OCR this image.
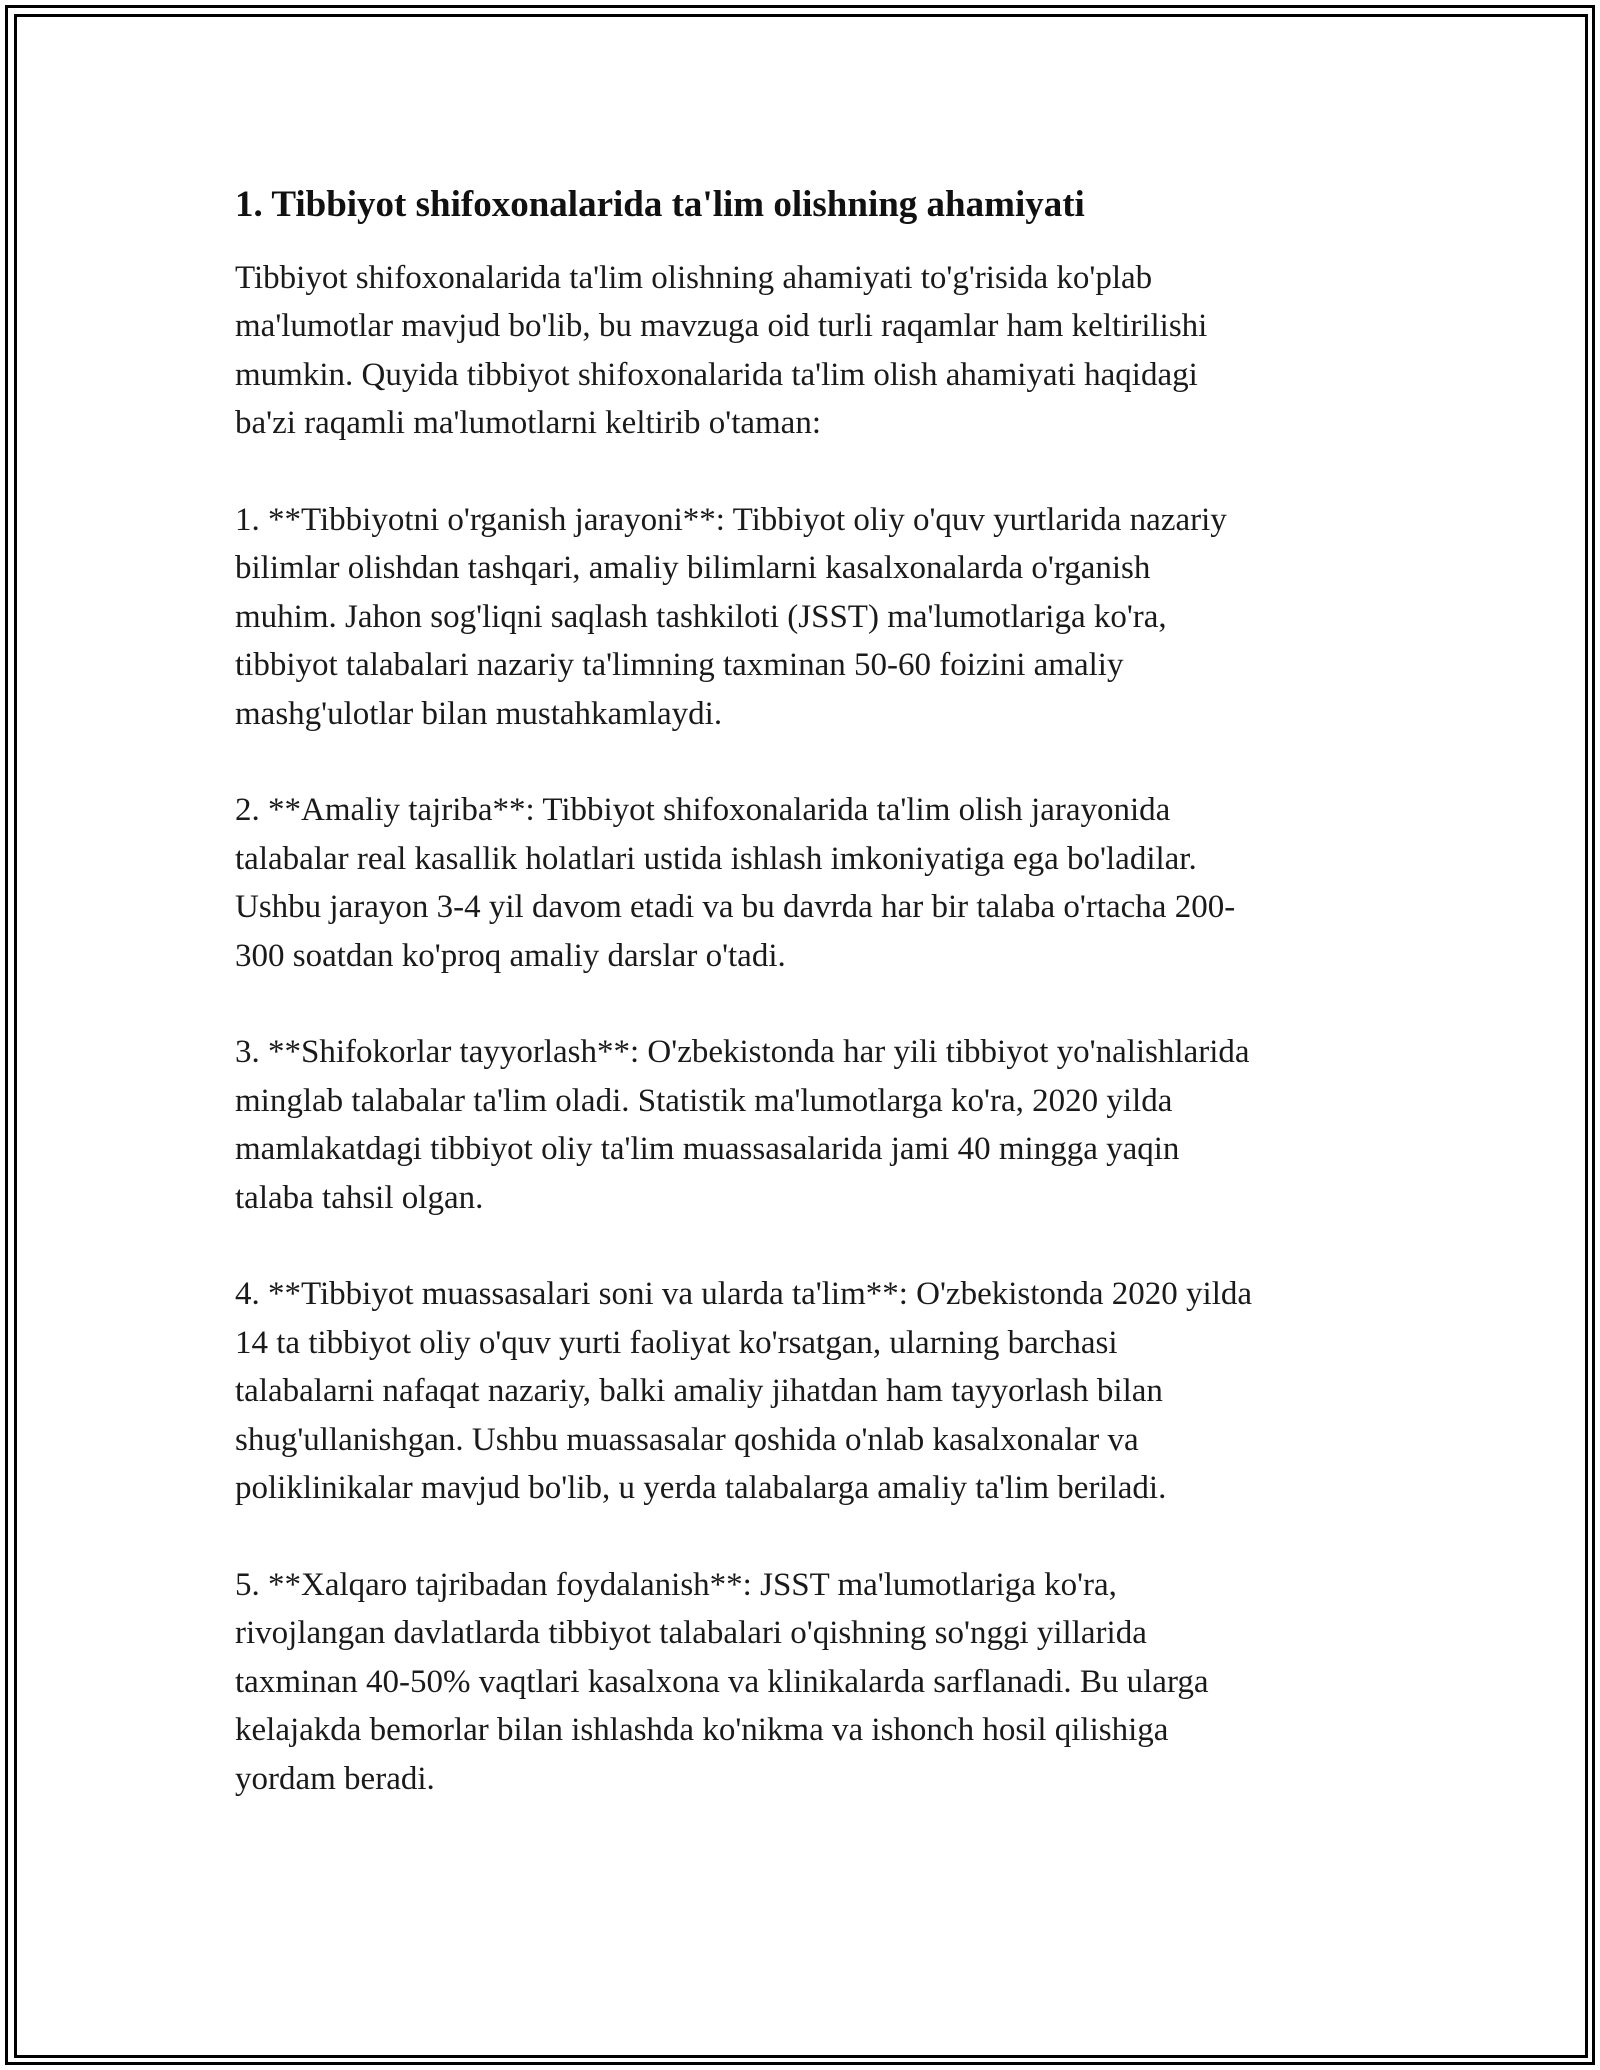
1. Tibbiyot shifoxonalarida ta'lim olishning ahamiyati
Tibbiyot shifoxonalarida ta'lim olishning ahamiyati to'g'risida ko'plab
ma'lumotlar mavjud bo'lib, bu mavzuga oid turli raqamlar ham keltirilishi
mumkin. Quyida tibbiyot shifoxonalarida ta'lim olish ahamiyati haqidagi
ba'zi raqamli ma'lumotlarni keltirib o'taman:
1. **Tibbiyotni o'rganish jarayoni**: Tibbiyot oliy o'quv yurtlarida nazariy
bilimlar olishdan tashqari, amaliy bilimlarni kasalxonalarda o'rganish
muhim. Jahon sog'liqni saqlash tashkiloti (JSST) ma'lumotlariga ko'ra,
tibbiyot talabalari nazariy ta'limning taxminan 50-60 foizini amaliy
mashg'ulotlar bilan mustahkamlaydi.
2. **Amaliy tajriba**: Tibbiyot shifoxonalarida ta'lim olish jarayonida
talabalar real kasallik holatlari ustida ishlash imkoniyatiga ega bo'ladilar.
Ushbu jarayon 3-4 yil davom etadi va bu davrda har bir talaba o'rtacha 200-
300 soatdan ko'proq amaliy darslar o'tadi.
3. **Shifokorlar tayyorlash**: O'zbekistonda har yili tibbiyot yo'nalishlarida
minglab talabalar ta'lim oladi. Statistik ma'lumotlarga ko'ra, 2020 yilda
mamlakatdagi tibbiyot oliy ta'lim muassasalarida jami 40 mingga yaqin
talaba tahsil olgan.
4. **Tibbiyot muassasalari soni va ularda ta'lim**: O'zbekistonda 2020 yilda
14 ta tibbiyot oliy o'quv yurti faoliyat ko'rsatgan, ularning barchasi
talabalarni nafaqat nazariy, balki amaliy jihatdan ham tayyorlash bilan
shug'ullanishgan. Ushbu muassasalar qoshida o'nlab kasalxonalar va
poliklinikalar mavjud bo'lib, u yerda talabalarga amaliy ta'lim beriladi.
5. **Xalqaro tajribadan foydalanish**: JSST ma'lumotlariga ko'ra,
rivojlangan davlatlarda tibbiyot talabalari o'qishning so'nggi yillarida
taxminan 40-50% vaqtlari kasalxona va klinikalarda sarflanadi. Bu ularga
kelajakda bemorlar bilan ishlashda ko'nikma va ishonch hosil qilishiga
yordam beradi.
